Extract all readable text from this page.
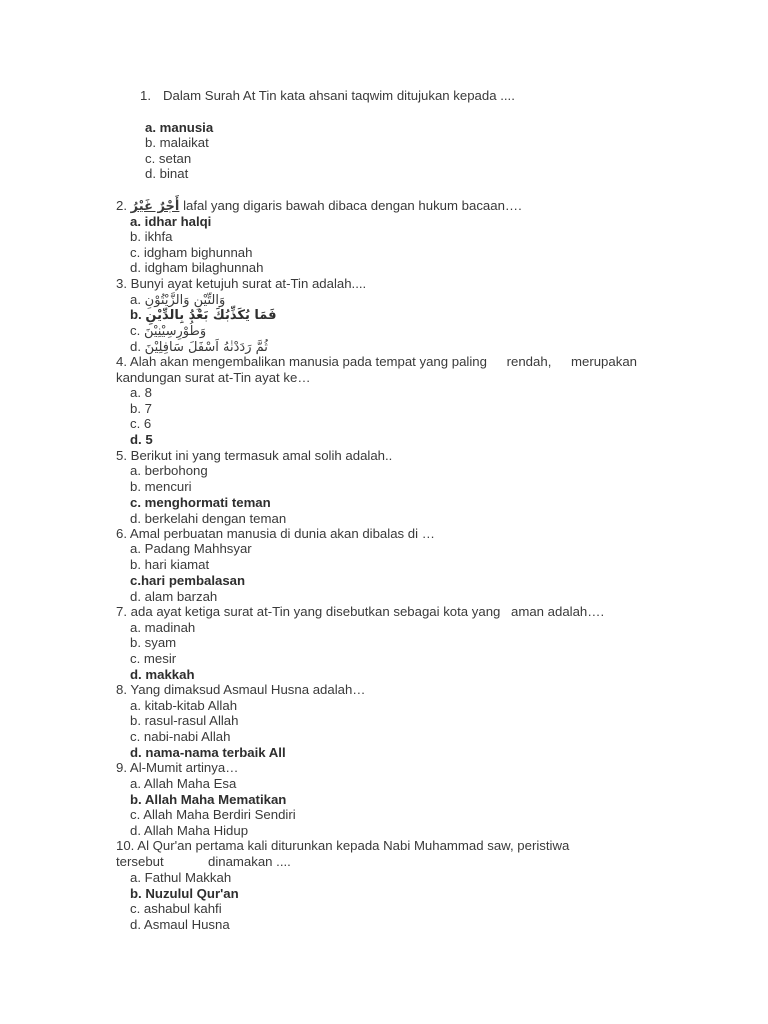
1. Dalam Surah At Tin kata ahsani taqwim ditujukan kepada ....
a. manusia
b. malaikat
c. setan
d. binat
2. أَجْرٌ غَيْرُ lafal yang digaris bawah dibaca dengan hukum bacaan….
a. idhar halqi
b. ikhfa
c. idgham bighunnah
d. idgham bilaghunnah
3. Bunyi ayat ketujuh surat at-Tin adalah....
a. وَالتِّيْنِ وَالزَّيْتُوْنِ
b. فَمَا يُكَذِّبُكَ بَعْدُ بِالدِّيْنِ
c. وَطُوْرِسِيْنِيْنَ
d. ثُمَّ رَدَدْنٰهُ اَسْفَلَ سَافِلِيْنَ
4. Alah akan mengembalikan manusia pada tempat yang paling rendah, merupakan
kandungan surat at-Tin ayat ke…
a. 8
b. 7
c. 6
d. 5
5. Berikut ini yang termasuk amal solih adalah..
a. berbohong
b. mencuri
c. menghormati teman
d. berkelahi dengan teman
6. Amal perbuatan manusia di dunia akan dibalas di …
a. Padang Mahhsyar
b. hari kiamat
c.hari pembalasan
d. alam barzah
7. ada ayat ketiga surat at-Tin yang disebutkan sebagai kota yang aman adalah….
a. madinah
b. syam
c. mesir
d. makkah
8. Yang dimaksud Asmaul Husna adalah…
a. kitab-kitab Allah
b. rasul-rasul Allah
c. nabi-nabi Allah
d. nama-nama terbaik All
9. Al-Mumit artinya…
a. Allah Maha Esa
b. Allah Maha Mematikan
c. Allah Maha Berdiri Sendiri
d. Allah Maha Hidup
10. Al Qur'an pertama kali diturunkan kepada Nabi Muhammad saw, peristiwa
tersebut	dinamakan ....
a. Fathul Makkah
b. Nuzulul Qur'an
c. ashabul kahfi
d. Asmaul Husna
